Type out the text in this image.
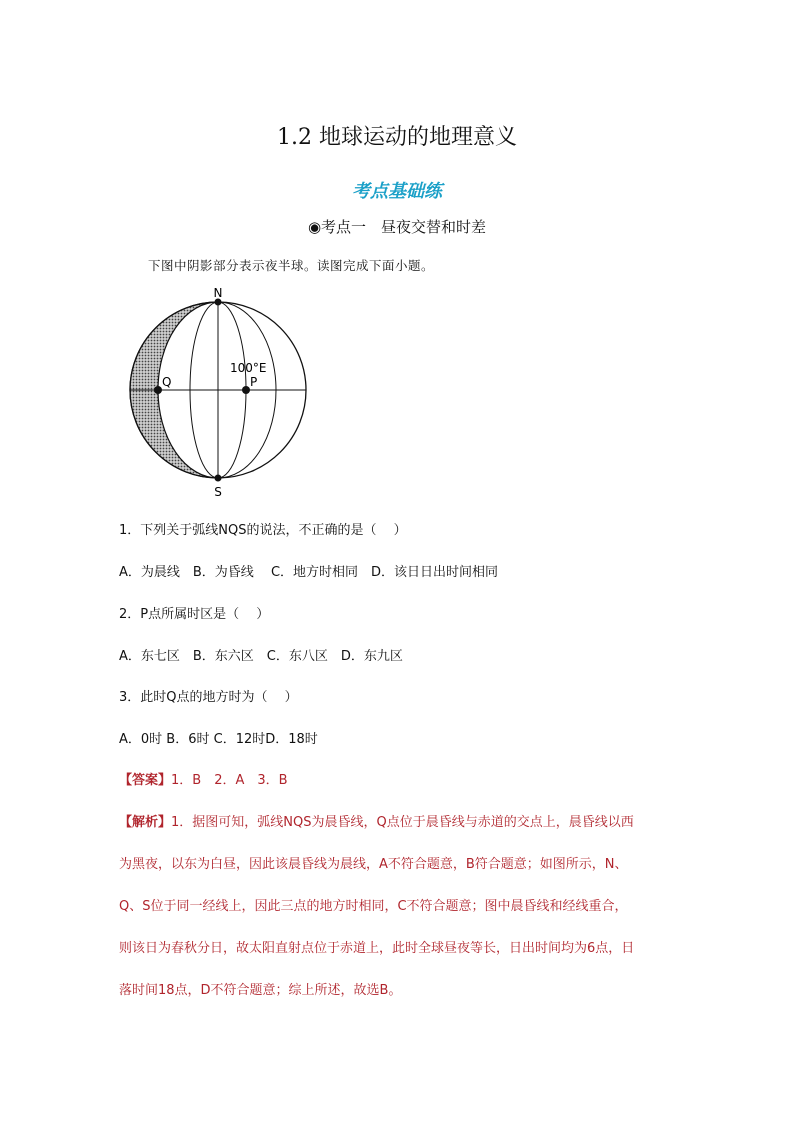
1.2 地球运动的地理意义
考点基础练
◉考点一　昼夜交替和时差
下图中阴影部分表示夜半球。读图完成下面小题。
N
S
Q	P
100°E
1．下列关于弧线NQS的说法，不正确的是（　 ）
A．为晨线　B．为昏线　 C．地方时相同　D．该日日出时间相同
2．P点所属时区是（　 ）
A．东七区　B．东六区　C．东八区　D．东九区
3．此时Q点的地方时为（　 ）
A．0时 B．6时 C．12时D．18时
【答案】1．B　2．A　3．B
【解析】1．据图可知，弧线NQS为晨昏线，Q点位于晨昏线与赤道的交点上，晨昏线以西
为黑夜，以东为白昼，因此该晨昏线为晨线，A不符合题意，B符合题意；如图所示，N、
Q、S位于同一经线上，因此三点的地方时相同，C不符合题意；图中晨昏线和经线重合，
则该日为春秋分日，故太阳直射点位于赤道上，此时全球昼夜等长，日出时间均为6点，日
落时间18点，D不符合题意；综上所述，故选B。
